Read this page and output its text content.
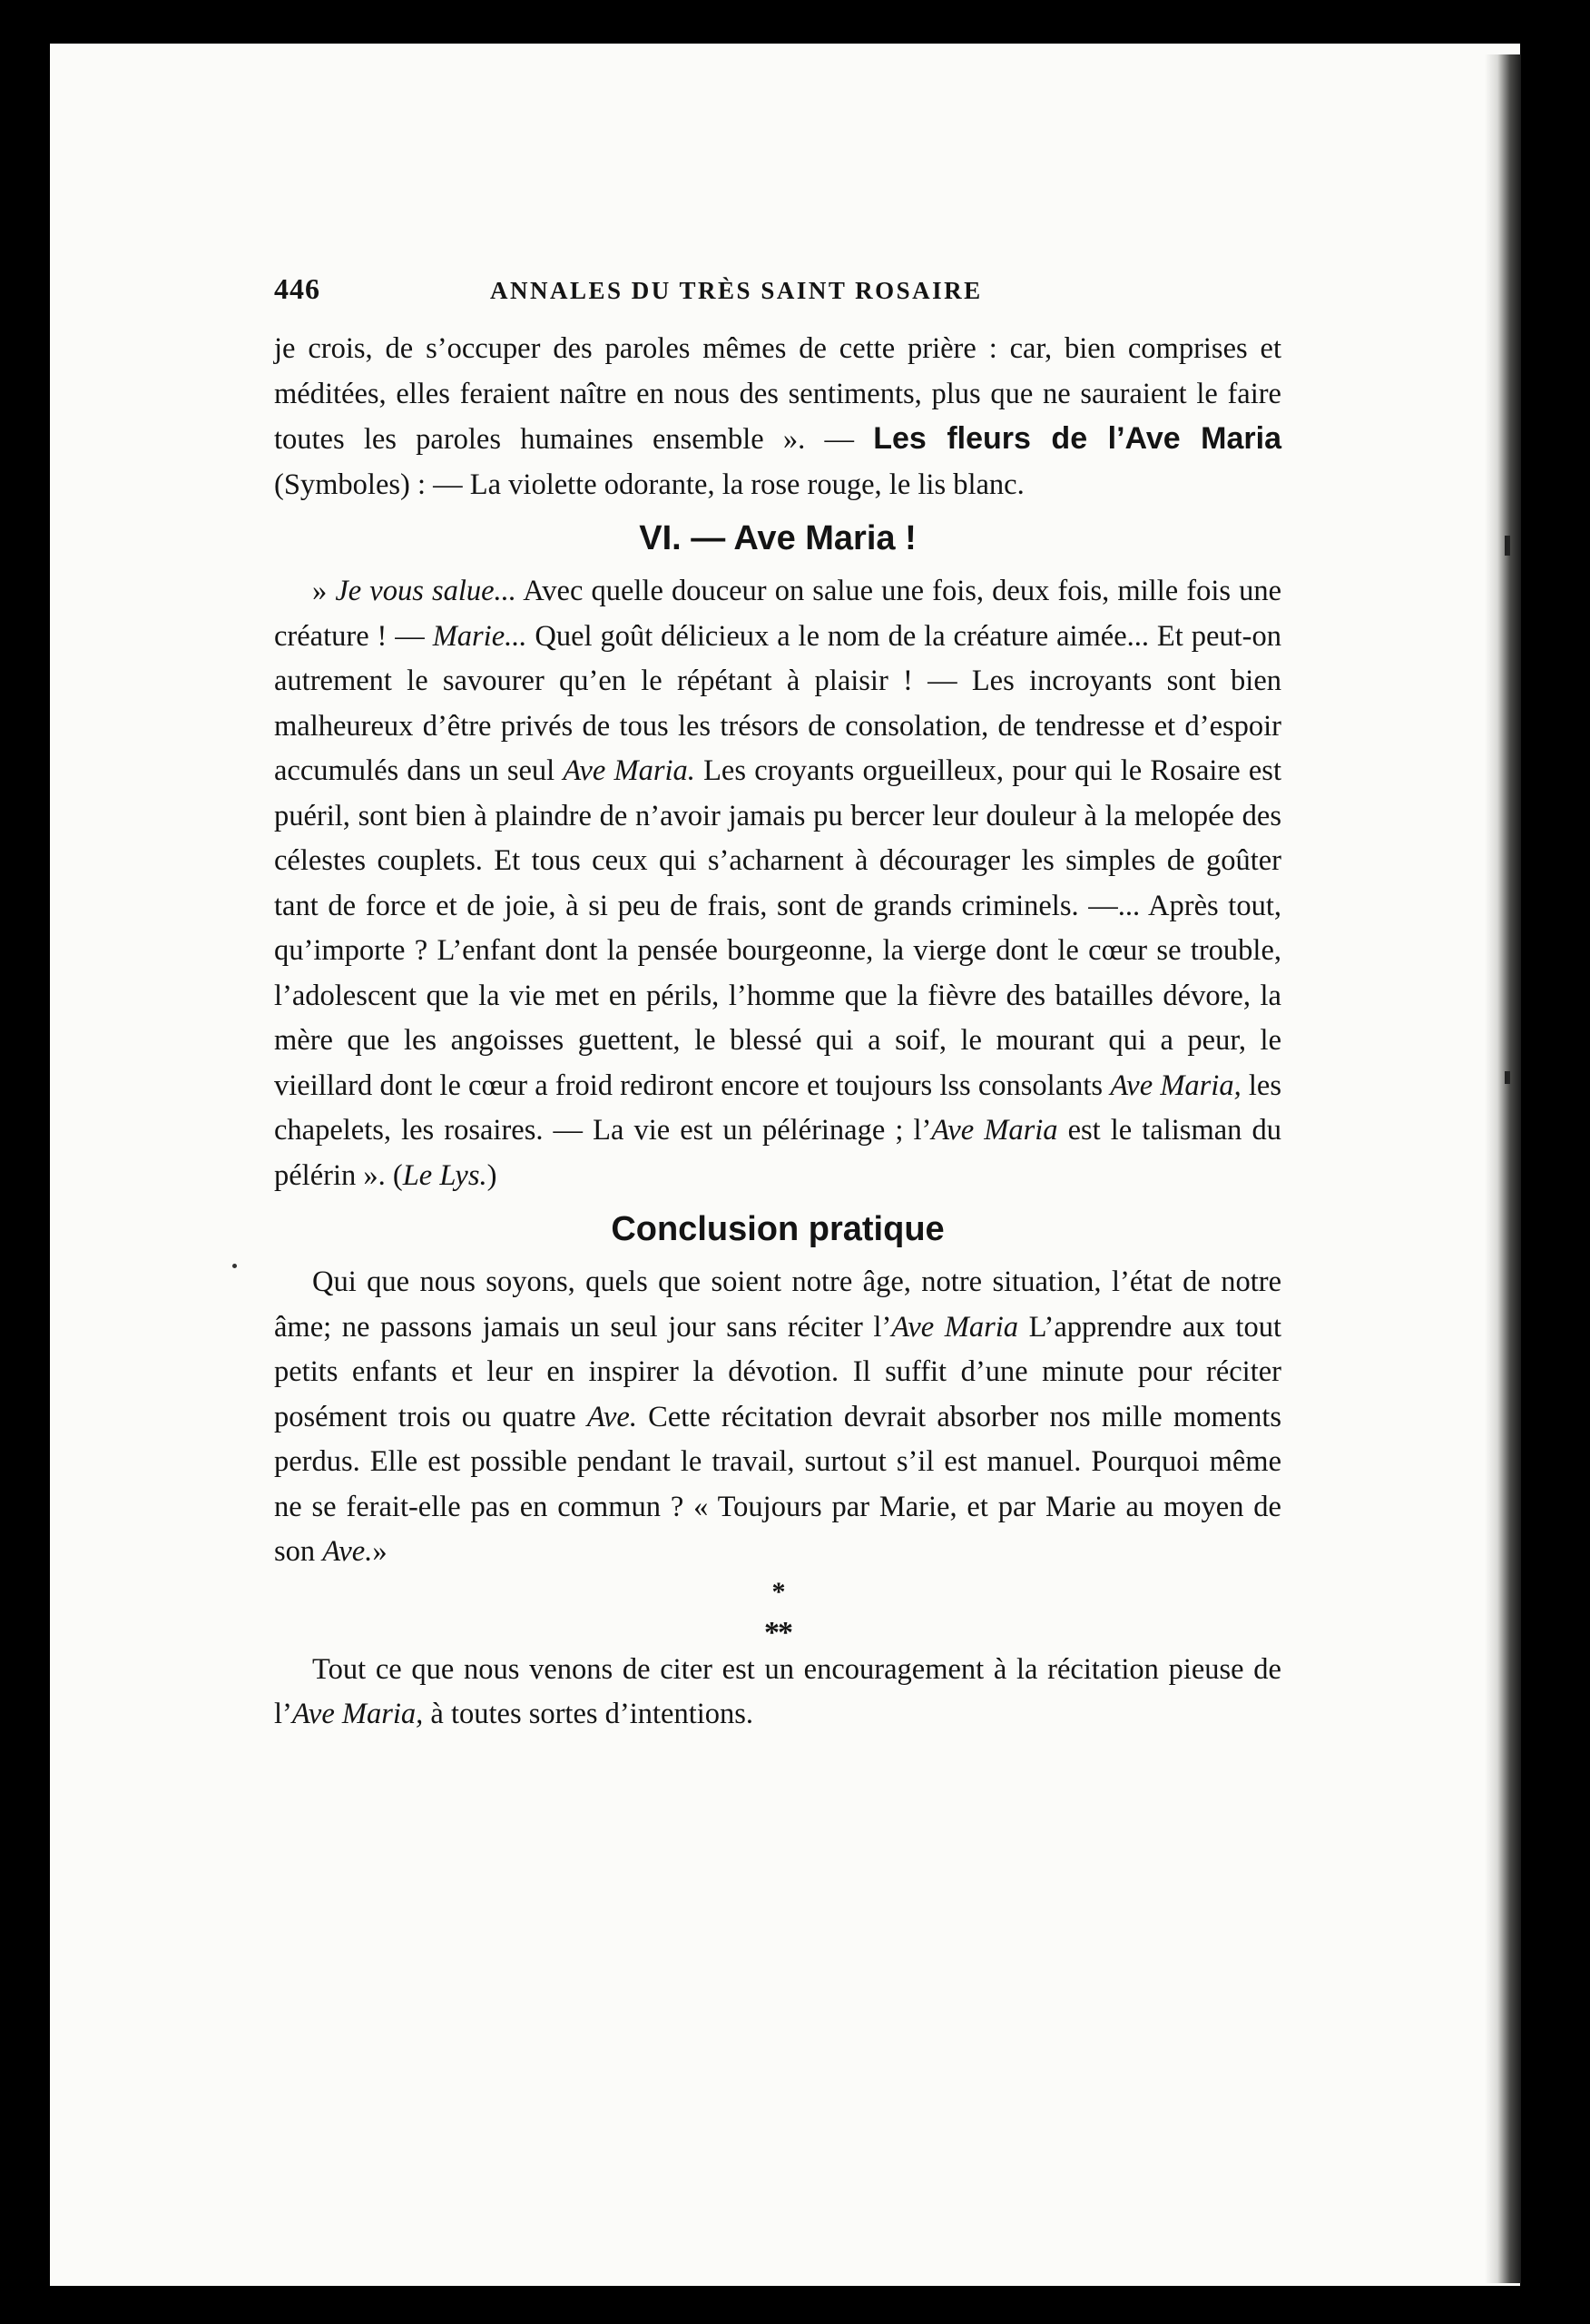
446	ANNALES DU TRÈS SAINT ROSAIRE

je crois, de s’occuper des paroles mêmes de cette prière : car, bien comprises et méditées, elles feraient naître en nous des sentiments, plus que ne sauraient le faire toutes les paroles humaines ensemble ». — Les fleurs de l’Ave Maria (Symboles) : — La violette odorante, la rose rouge, le lis blanc.

VI. — Ave Maria !

» Je vous salue... Avec quelle douceur on salue une fois, deux fois, mille fois une créature ! — Marie... Quel goût délicieux a le nom de la créature aimée... Et peut-on autrement le savourer qu’en le répétant à plaisir ! — Les incroyants sont bien malheureux d’être privés de tous les trésors de consolation, de tendresse et d’espoir accumulés dans un seul Ave Maria. Les croyants orgueilleux, pour qui le Rosaire est puéril, sont bien à plaindre de n’avoir jamais pu bercer leur douleur à la melopée des célestes couplets. Et tous ceux qui s’acharnent à décourager les simples de goûter tant de force et de joie, à si peu de frais, sont de grands criminels. —... Après tout, qu’importe ? L’enfant dont la pensée bourgeonne, la vierge dont le cœur se trouble, l’adolescent que la vie met en périls, l’homme que la fièvre des batailles dévore, la mère que les angoisses guettent, le blessé qui a soif, le mourant qui a peur, le vieillard dont le cœur a froid rediront encore et toujours lss consolants Ave Maria, les chapelets, les rosaires. — La vie est un pélérinage ; l’Ave Maria est le talisman du pélérin ». (Le Lys.)

Conclusion pratique

Qui que nous soyons, quels que soient notre âge, notre situation, l’état de notre âme; ne passons jamais un seul jour sans réciter l’Ave Maria L’apprendre aux tout petits enfants et leur en inspirer la dévotion. Il suffit d’une minute pour réciter posément trois ou quatre Ave. Cette récitation devrait absorber nos mille moments perdus. Elle est possible pendant le travail, surtout s’il est manuel. Pourquoi même ne se ferait-elle pas en commun ? « Toujours par Marie, et par Marie au moyen de son Ave.»

*
**

Tout ce que nous venons de citer est un encouragement à la récitation pieuse de l’Ave Maria, à toutes sortes d’intentions.
